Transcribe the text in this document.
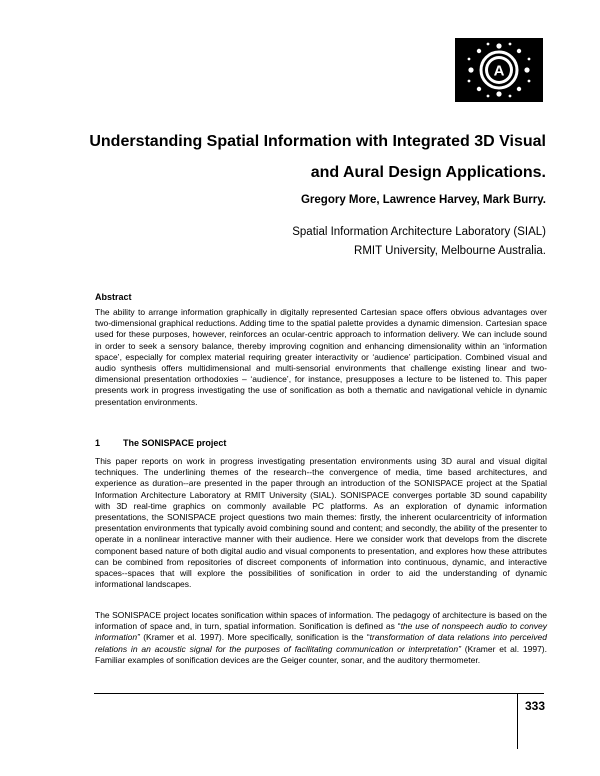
A
Understanding Spatial Information with Integrated 3D Visual
and Aural Design Applications.
Gregory More, Lawrence Harvey, Mark Burry.
Spatial Information Architecture Laboratory (SIAL)
RMIT University, Melbourne Australia.
Abstract

The ability to arrange information graphically in digitally represented Cartesian space offers obvious advantages over two-dimensional graphical reductions. Adding time to the spatial palette provides a dynamic dimension. Cartesian space used for these purposes, however, reinforces an ocular-centric approach to information delivery. We can include sound in order to seek a sensory balance, thereby improving cognition and enhancing dimensionality within an ‘information space’, especially for complex material requiring greater interactivity or ‘audience’ participation. Combined visual and audio synthesis offers multidimensional and multi-sensorial environments that challenge existing linear and two-dimensional presentation orthodoxies – ‘audience’, for instance, presupposes a lecture to be listened to. This paper presents work in progress investigating the use of sonification as both a thematic and navigational vehicle in dynamic presentation environments.

1	The SONISPACE project

This paper reports on work in progress investigating presentation environments using 3D aural and visual digital techniques. The underlining themes of the research--the convergence of media, time based architectures, and experience as duration--are presented in the paper through an introduction of the SONISPACE project at the Spatial Information Architecture Laboratory at RMIT University (SIAL). SONISPACE converges portable 3D sound capability with 3D real-time graphics on commonly available PC platforms. As an exploration of dynamic information presentations, the SONISPACE project questions two main themes: firstly, the inherent ocularcentricity of information presentation environments that typically avoid combining sound and content; and secondly, the ability of the presenter to operate in a nonlinear interactive manner with their audience. Here we consider work that develops from the discrete component based nature of both digital audio and visual components to presentation, and explores how these attributes can be combined from repositories of discreet components of information into continuous, dynamic, and interactive spaces--spaces that will explore the possibilities of sonification in order to aid the understanding of dynamic informational landscapes.

The SONISPACE project locates sonification within spaces of information. The pedagogy of architecture is based on the information of space and, in turn, spatial information. Sonification is defined as “the use of nonspeech audio to convey information” (Kramer et al. 1997). More specifically, sonification is the “transformation of data relations into perceived relations in an acoustic signal for the purposes of facilitating communication or interpretation” (Kramer et al. 1997). Familiar examples of sonification devices are the Geiger counter, sonar, and the auditory thermometer.

333
